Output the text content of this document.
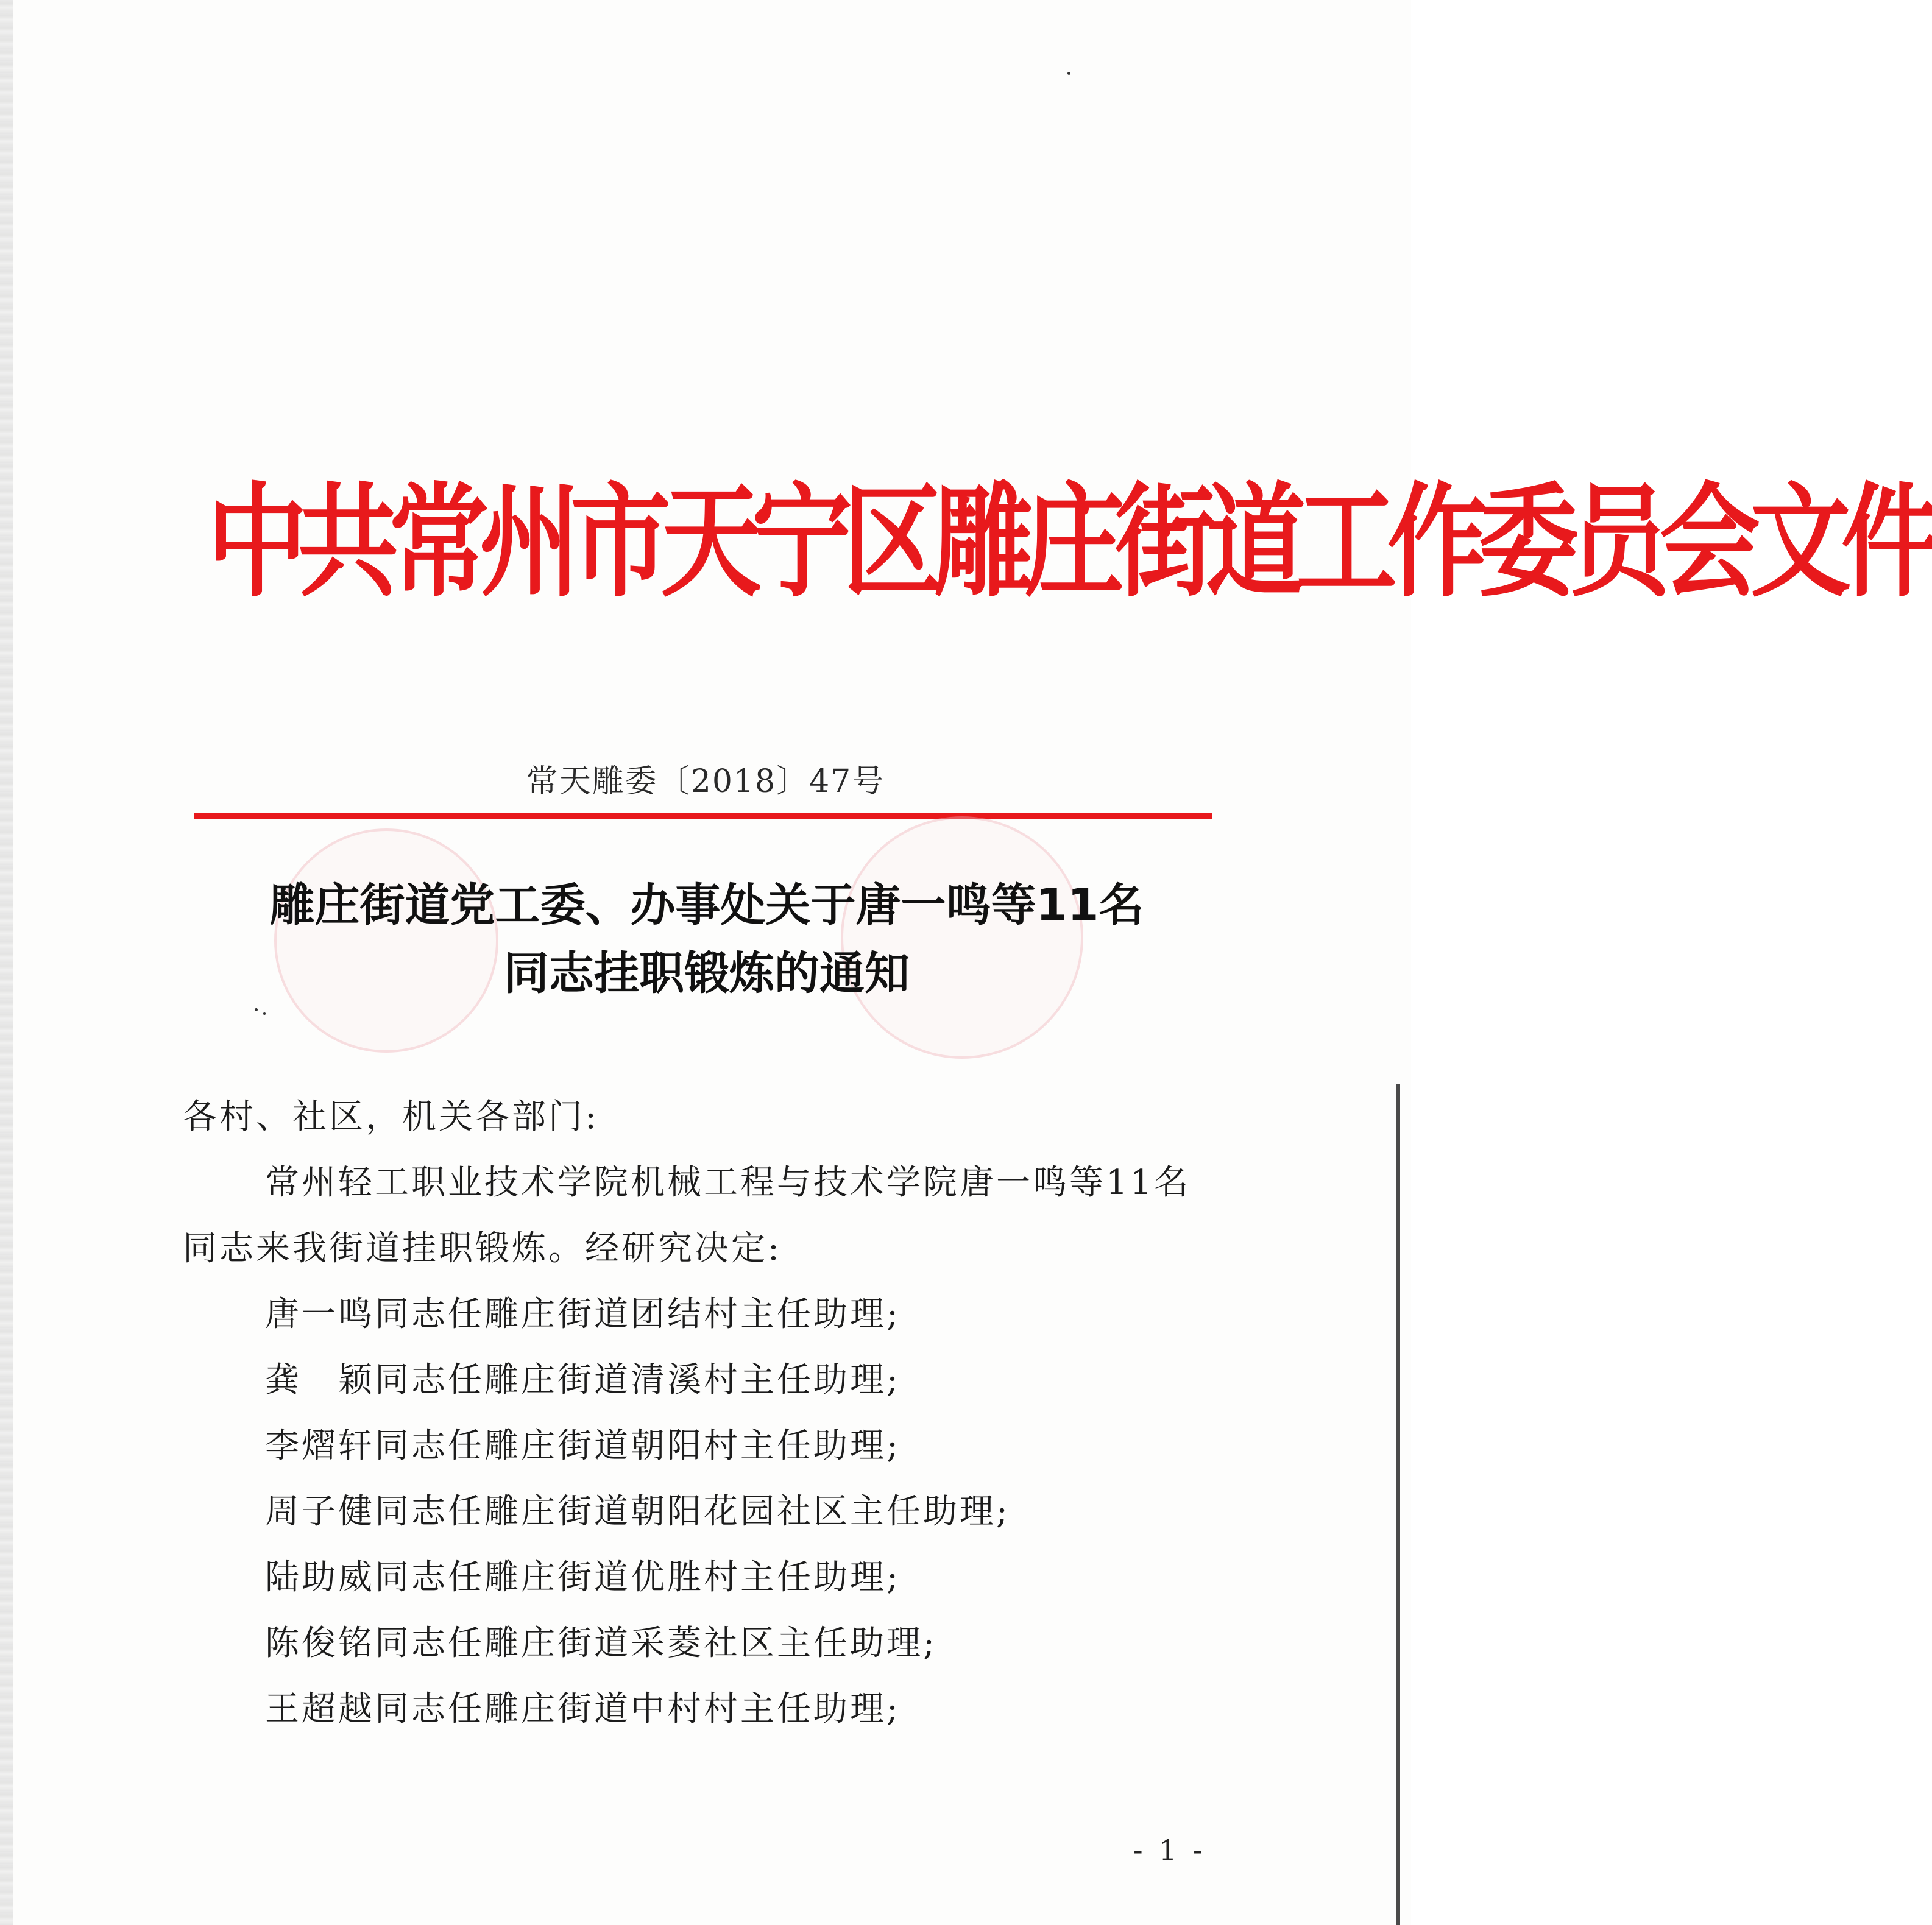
中共常州市天宁区雕庄街道工作委员会文件
常天雕委〔2018〕47号
雕庄街道党工委、办事处关于唐一鸣等11名
同志挂职锻炼的通知
各村、社区，机关各部门:
常州轻工职业技术学院机械工程与技术学院唐一鸣等11名
同志来我街道挂职锻炼。经研究决定:
唐一鸣同志任雕庄街道团结村主任助理;
龚　颖同志任雕庄街道清溪村主任助理;
李熠轩同志任雕庄街道朝阳村主任助理;
周子健同志任雕庄街道朝阳花园社区主任助理;
陆助威同志任雕庄街道优胜村主任助理;
陈俊铭同志任雕庄街道采菱社区主任助理;
王超越同志任雕庄街道中村村主任助理;
- 1 -
